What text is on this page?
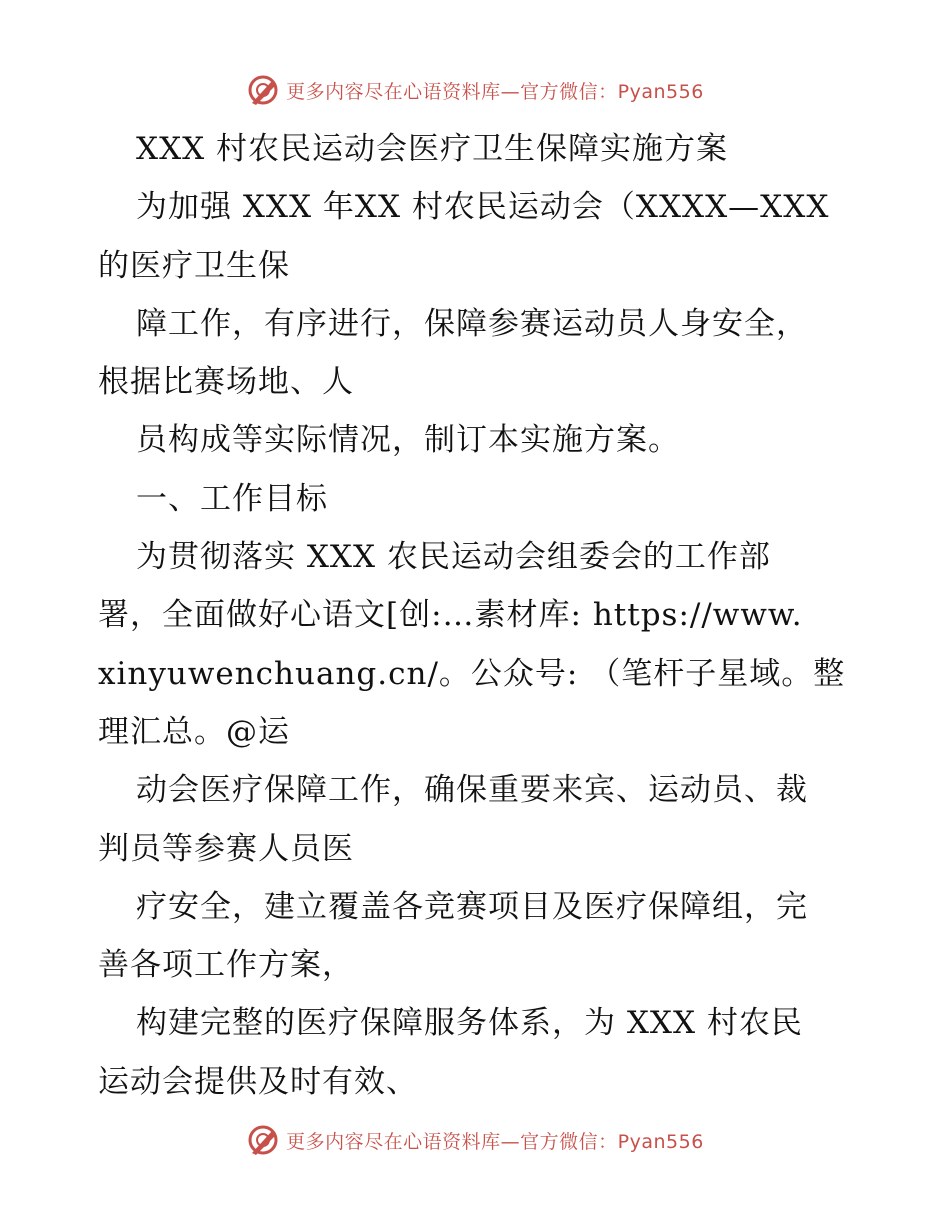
更多内容尽在心语资料库—官方微信：Pyan556
XXX 村农民运动会医疗卫生保障实施方案
为加强 XXX 年XX 村农民运动会（XXXX—XXX
的医疗卫生保
障工作，有序进行，保障参赛运动员人身安全，
根据比赛场地、人
员构成等实际情况，制订本实施方案。
一、工作目标
为贯彻落实 XXX 农民运动会组委会的工作部
署，全面做好心语文[创:…素材库: https://www.
xinyuwenchuang.cn/。公众号: （笔杆子星域。整
理汇总。@运
动会医疗保障工作，确保重要来宾、运动员、裁
判员等参赛人员医
疗安全，建立覆盖各竞赛项目及医疗保障组，完
善各项工作方案，
构建完整的医疗保障服务体系，为 XXX 村农民
运动会提供及时有效、
更多内容尽在心语资料库—官方微信：Pyan556
